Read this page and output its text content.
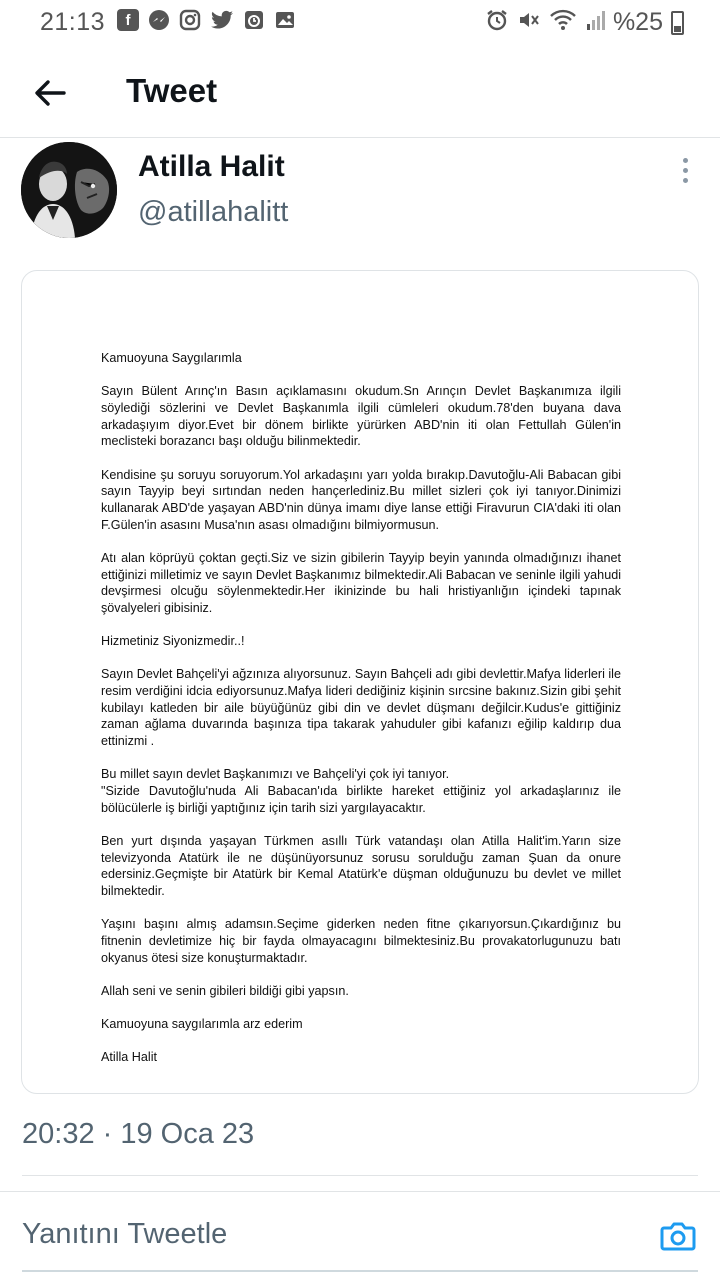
21:13	f	%25
Tweet
Atilla Halit
@atillahalitt

Kamuoyuna Saygılarımla

Sayın Bülent Arınç'ın Basın açıklamasını okudum.Sn Arınçın Devlet Başkanımıza ilgili söylediği sözlerini ve Devlet Başkanımla ilgili cümleleri okudum.78'den buyana dava arkadaşıyım diyor.Evet bir dönem birlikte yürürken ABD'nin iti olan Fettullah Gülen'in meclisteki borazancı başı olduğu bilinmektedir.

Kendisine şu soruyu soruyorum.Yol arkadaşını yarı yolda bırakıp.Davutoğlu-Ali Babacan gibi sayın Tayyip beyi sırtından neden hançerlediniz.Bu millet sizleri çok iyi tanıyor.Dinimizi kullanarak ABD'de yaşayan ABD'nin dünya imamı diye lanse ettiği Firavurun CIA'daki iti olan F.Gülen'in asasını Musa'nın asası olmadığını bilmiyormusun.

Atı alan köprüyü çoktan geçti.Siz ve sizin gibilerin Tayyip beyin yanında olmadığınızı ihanet ettiğinizi milletimiz ve sayın Devlet Başkanımız bilmektedir.Ali Babacan ve seninle ilgili yahudi devşirmesi olcuğu söylenmektedir.Her ikinizinde bu hali hristiyanlığın içindeki tapınak şövalyeleri gibisiniz.

Hizmetiniz Siyonizmedir..!

Sayın Devlet Bahçeli'yi ağzınıza alıyorsunuz. Sayın Bahçeli adı gibi devlettir.Mafya liderleri ile resim verdiğini idcia ediyorsunuz.Mafya lideri dediğiniz kişinin sırcsine bakınız.Sizin gibi şehit kubilayı katleden bir aile büyüğünüz gibi din ve devlet düşmanı değilcir.Kudus'e gittiğiniz zaman ağlama duvarında başınıza tipa takarak yahuduler gibi kafanızı eğilip kaldırıp dua ettinizmi .

Bu millet sayın devlet Başkanımızı ve Bahçeli'yi çok iyi tanıyor.

"Sizide Davutoğlu'nuda Ali Babacan'ıda birlikte hareket ettiğiniz yol arkadaşlarınız ile bölücülerle iş birliği yaptığınız için tarih sizi yargılayacaktır.

Ben yurt dışında yaşayan Türkmen asıllı Türk vatandaşı olan Atilla Halit'im.Yarın size televizyonda Atatürk ile ne düşünüyorsunuz sorusu sorulduğu zaman Şuan da onure edersiniz.Geçmişte bir Atatürk bir Kemal Atatürk'e düşman olduğunuzu bu devlet ve millet bilmektedir.

Yaşını başını almış adamsın.Seçime giderken neden fitne çıkarıyorsun.Çıkardığınız bu fitnenin devletimize hiç bir fayda olmayacagını bilmektesiniz.Bu provakatorlugunuzu batı okyanus ötesi size konuşturmaktadır.

Allah seni ve senin gibileri bildiği gibi yapsın.

Kamuoyuna saygılarımla arz ederim

Atilla Halit

20:32 · 19 Oca 23
Yanıtını Tweetle
